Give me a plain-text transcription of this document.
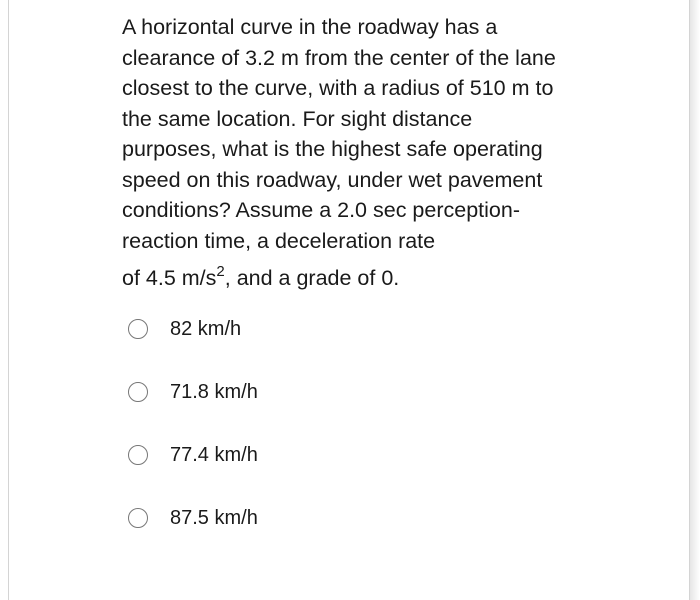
A horizontal curve in the roadway has a
clearance of 3.2 m from the center of the lane
closest to the curve, with a radius of 510 m to
the same location. For sight distance
purposes, what is the highest safe operating
speed on this roadway, under wet pavement
conditions? Assume a 2.0 sec perception-
reaction time, a deceleration rate
of 4.5 $m/s^2$, and a grade of 0.
82 km/h
71.8 km/h
77.4 km/h
87.5 km/h
